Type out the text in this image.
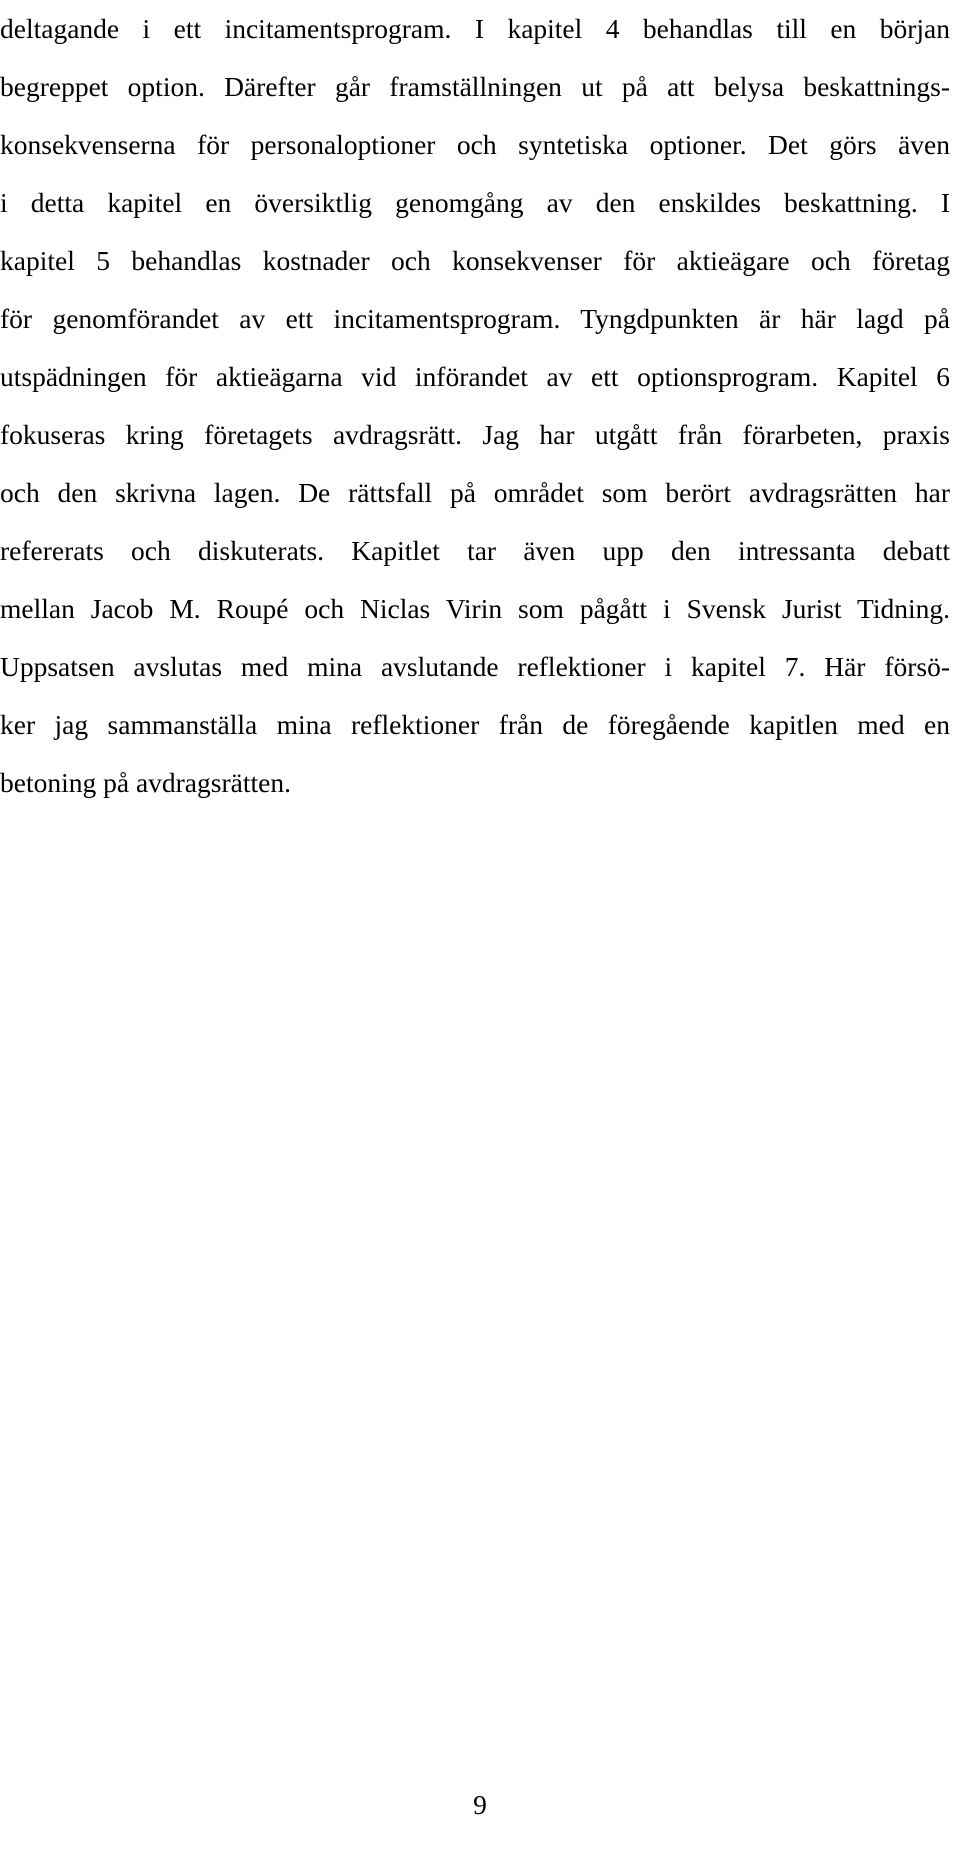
deltagande i ett incitamentsprogram. I kapitel 4 behandlas till en början
begreppet option. Därefter går framställningen ut på att belysa beskattnings-
konsekvenserna för personaloptioner och syntetiska optioner. Det görs även
i detta kapitel en översiktlig genomgång av den enskildes beskattning. I
kapitel 5 behandlas kostnader och konsekvenser för aktieägare och företag
för genomförandet av ett incitamentsprogram. Tyngdpunkten är här lagd på
utspädningen för aktieägarna vid införandet av ett optionsprogram. Kapitel 6
fokuseras kring företagets avdragsrätt. Jag har utgått från förarbeten, praxis
och den skrivna lagen. De rättsfall på området som berört avdragsrätten har
refererats och diskuterats. Kapitlet tar även upp den intressanta debatt
mellan Jacob M. Roupé och Niclas Virin som pågått i Svensk Jurist Tidning.
Uppsatsen avslutas med mina avslutande reflektioner i kapitel 7. Här försö-
ker jag sammanställa mina reflektioner från de föregående kapitlen med en
betoning på avdragsrätten.
9
